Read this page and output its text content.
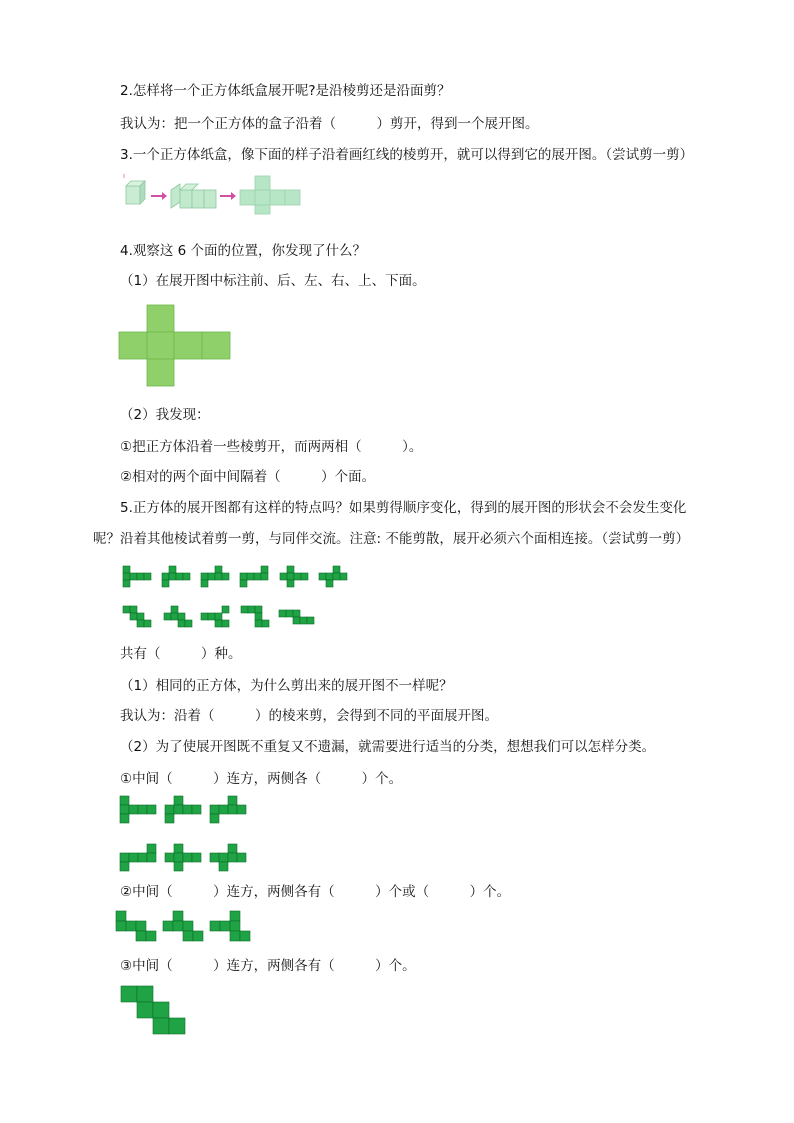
2.怎样将一个正方体纸盒展开呢?是沿棱剪还是沿面剪？
我认为：把一个正方体的盒子沿着（　　　）剪开，得到一个展开图。
3.一个正方体纸盒，像下面的样子沿着画红线的棱剪开，就可以得到它的展开图。（尝试剪一剪）
4.观察这 6 个面的位置，你发现了什么？
（1）在展开图中标注前、后、左、右、上、下面。
（2）我发现：
①把正方体沿着一些棱剪开，而两两相（　　　）。
②相对的两个面中间隔着（　　　）个面。
5.正方体的展开图都有这样的特点吗？如果剪得顺序变化，得到的展开图的形状会不会发生变化
呢？沿着其他棱试着剪一剪，与同伴交流。注意: 不能剪散，展开必须六个面相连接。（尝试剪一剪）
共有（　　　）种。
（1）相同的正方体，为什么剪出来的展开图不一样呢？
我认为：沿着（　　　）的棱来剪，会得到不同的平面展开图。
（2）为了使展开图既不重复又不遗漏，就需要进行适当的分类，想想我们可以怎样分类。
①中间（　　　）连方，两侧各（　　　）个。
②中间（　　　）连方，两侧各有（　　　）个或（　　　）个。
③中间（　　　）连方，两侧各有（　　　）个。
